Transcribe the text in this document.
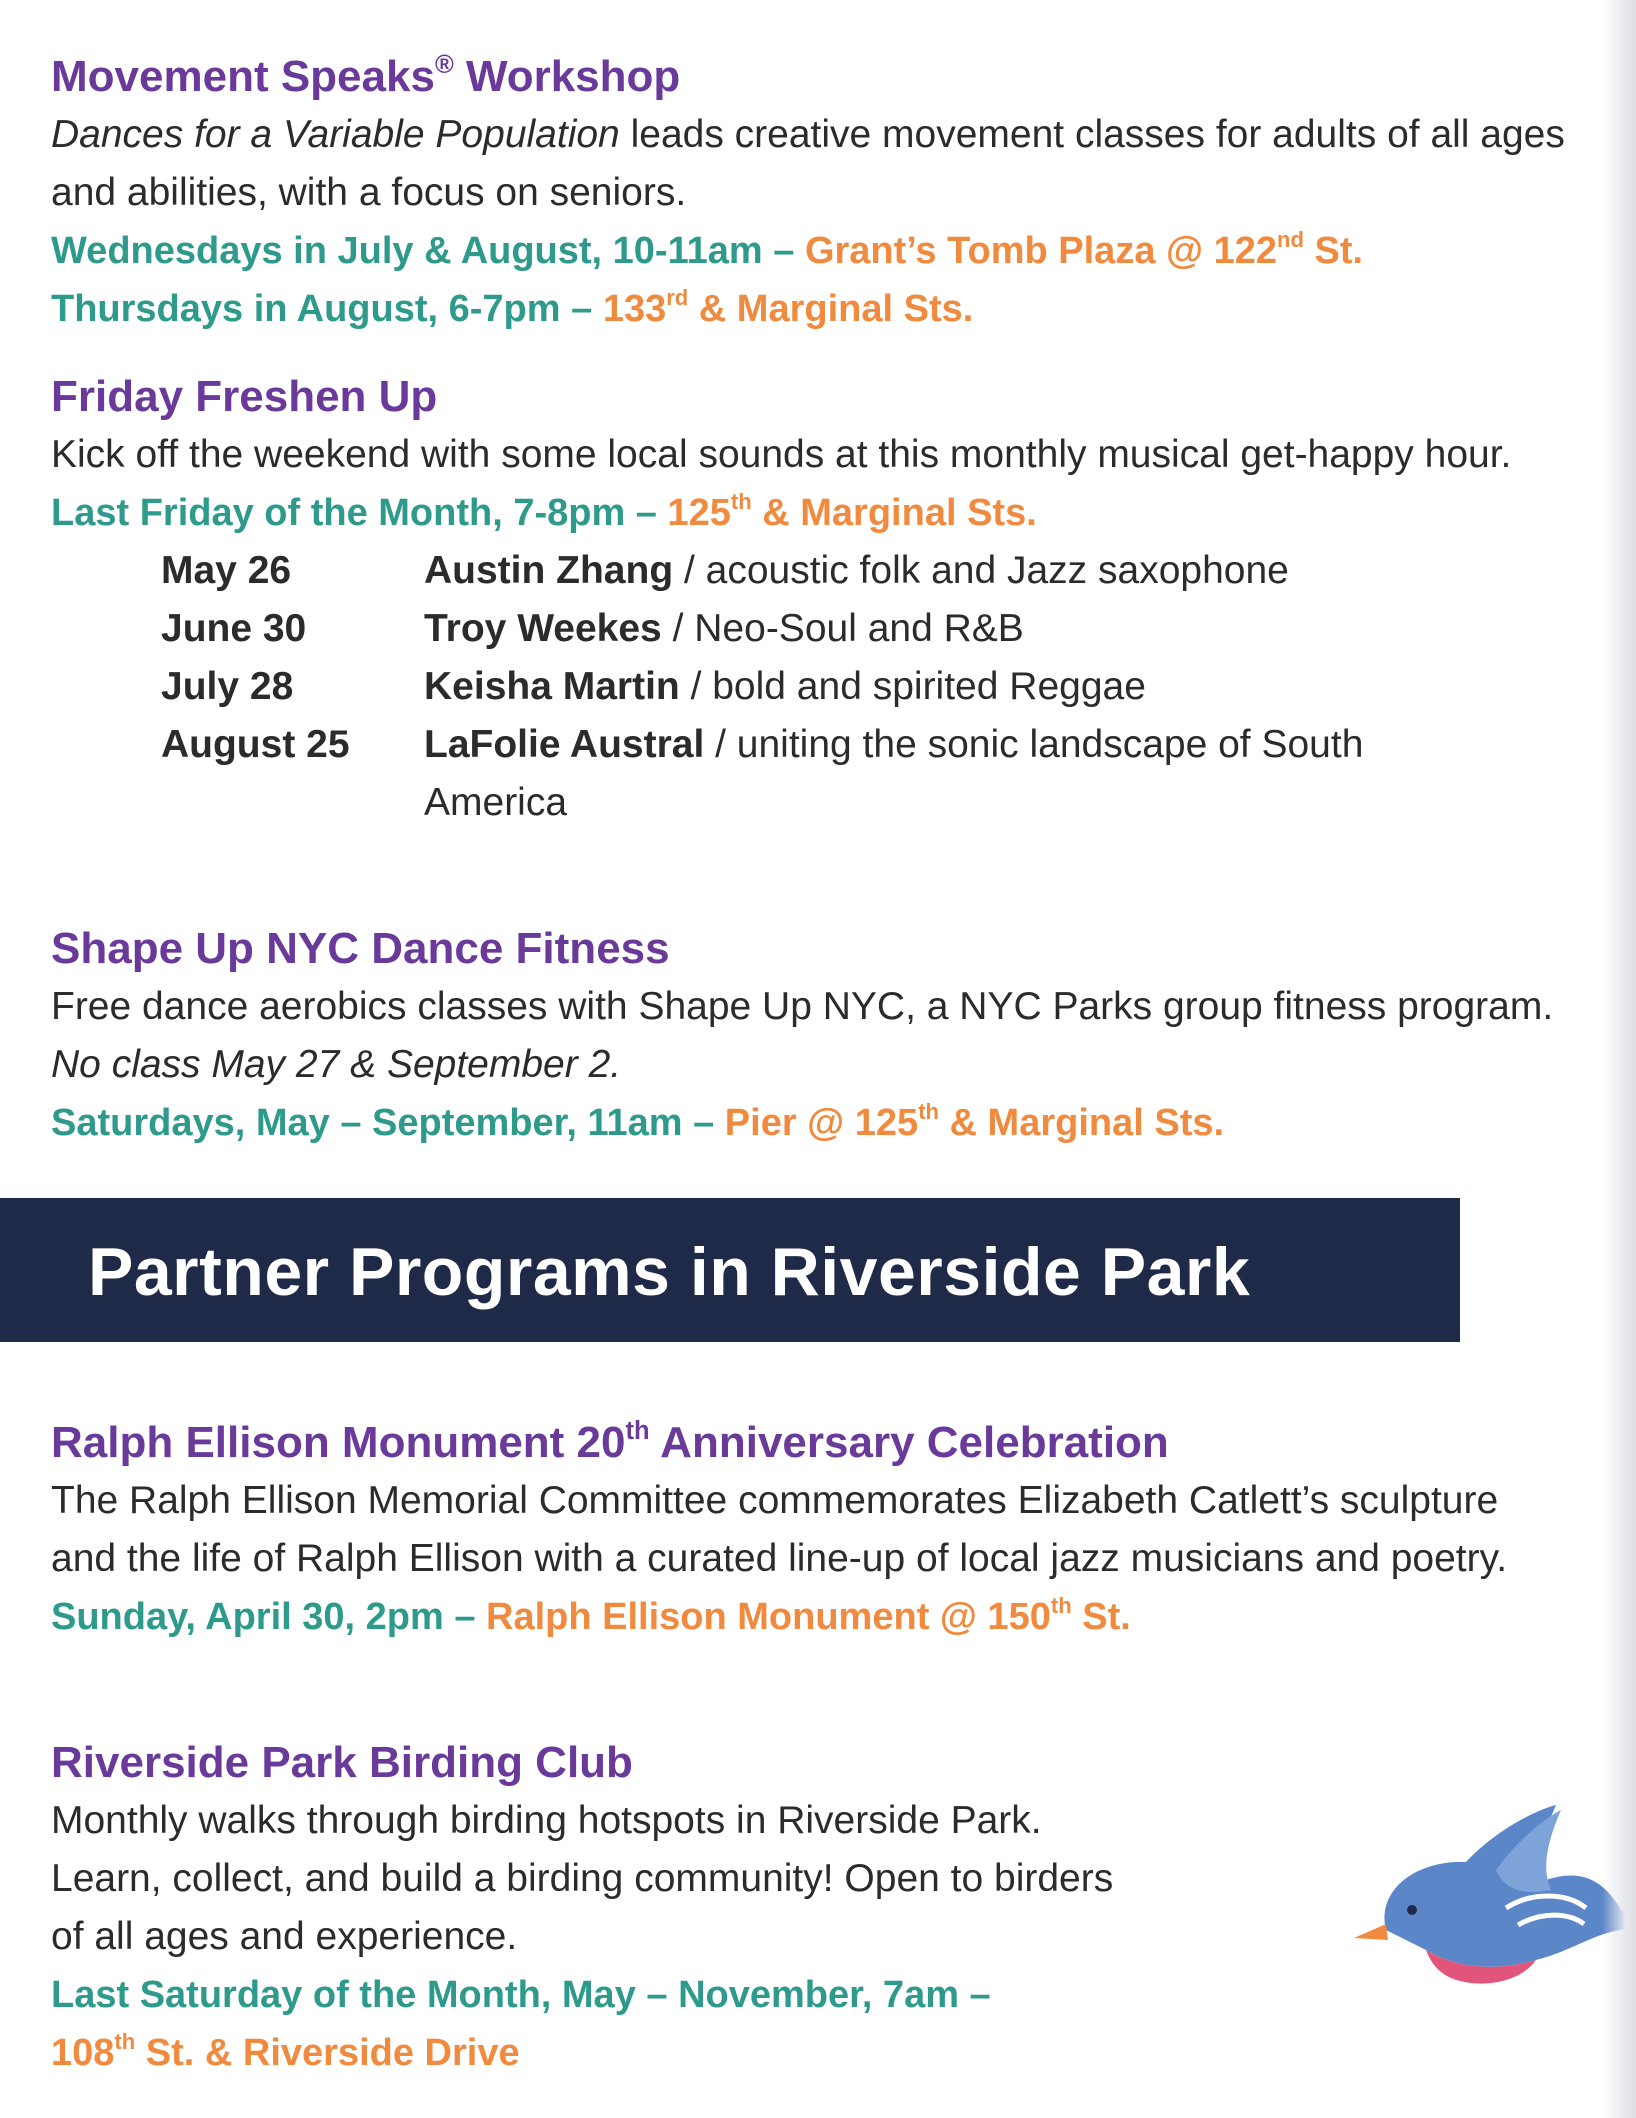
Movement Speaks® Workshop

Dances for a Variable Population leads creative movement classes for adults of all ages and abilities, with a focus on seniors.

Wednesdays in July & August, 10-11am – Grant’s Tomb Plaza @ 122nd St.

Thursdays in August, 6-7pm – 133rd & Marginal Sts.

Friday Freshen Up

Kick off the weekend with some local sounds at this monthly musical get-happy hour.

Last Friday of the Month, 7-8pm – 125th & Marginal Sts.

May 26	Austin Zhang / acoustic folk and Jazz saxophone
June 30	Troy Weekes / Neo-Soul and R&B
July 28	Keisha Martin / bold and spirited Reggae
August 25	LaFolie Austral / uniting the sonic landscape of South America
Shape Up NYC Dance Fitness

Free dance aerobics classes with Shape Up NYC, a NYC Parks group fitness program. No class May 27 & September 2.

Saturdays, May – September, 11am – Pier @ 125th & Marginal Sts.

Partner Programs in Riverside Park
Ralph Ellison Monument 20th Anniversary Celebration

The Ralph Ellison Memorial Committee commemorates Elizabeth Catlett’s sculpture and the life of Ralph Ellison with a curated line-up of local jazz musicians and poetry.

Sunday, April 30, 2pm – Ralph Ellison Monument @ 150th St.

Riverside Park Birding Club

Monthly walks through birding hotspots in Riverside Park.
Learn, collect, and build a birding community! Open to birders
of all ages and experience.

Last Saturday of the Month, May – November, 7am –
108th St. & Riverside Drive
